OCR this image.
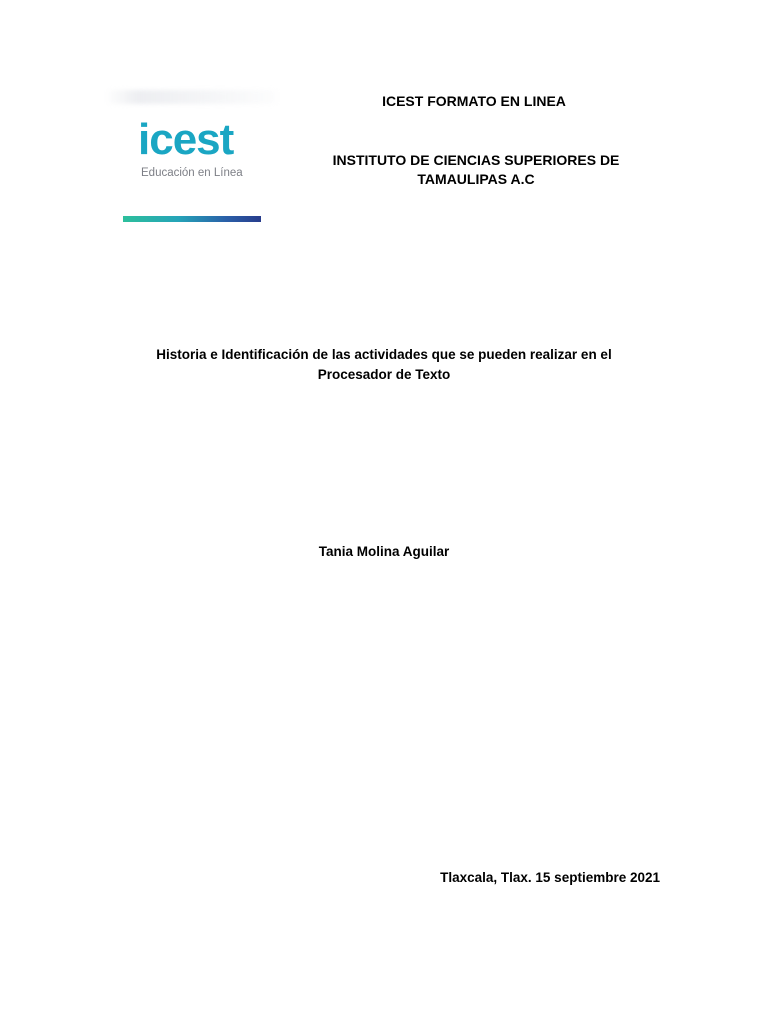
icest
Educación en Línea
ICEST FORMATO EN LINEA
INSTITUTO DE CIENCIAS SUPERIORES DE
TAMAULIPAS A.C
Historia e Identificación de las actividades que se pueden realizar en el
Procesador de Texto
Tania Molina Aguilar
Tlaxcala, Tlax. 15 septiembre 2021
